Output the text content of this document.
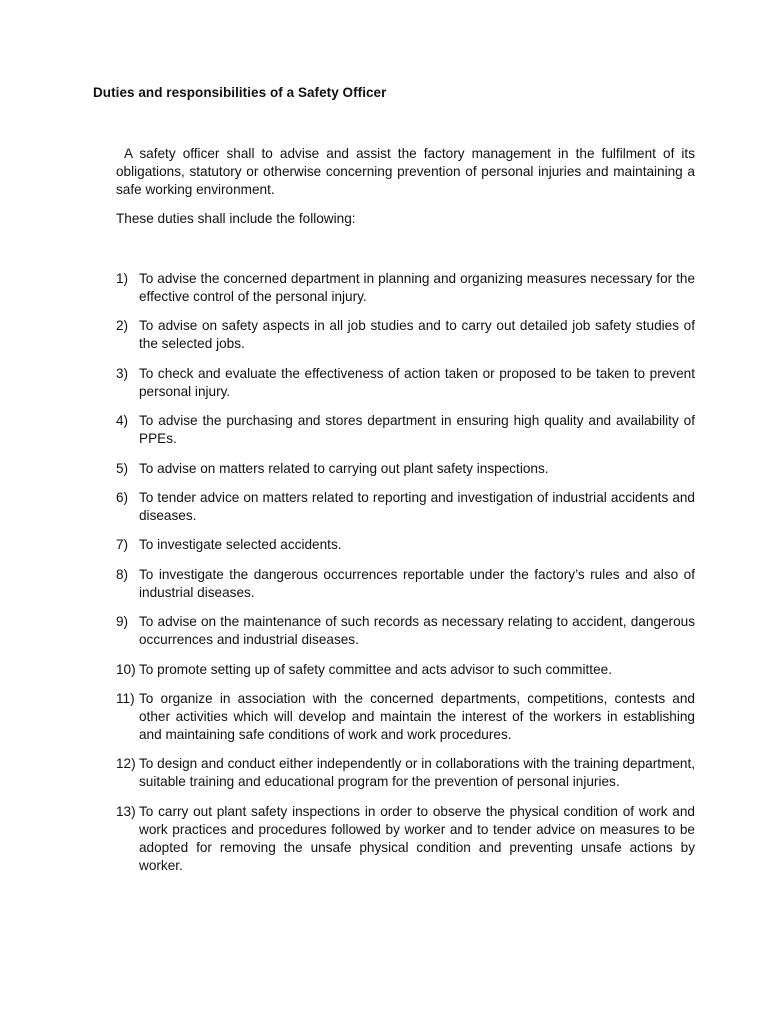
Duties and responsibilities of a Safety Officer

A safety officer shall to advise and assist the factory management in the fulfilment of its obligations, statutory or otherwise concerning prevention of personal injuries and maintaining a safe working environment.

These duties shall include the following:

1) To advise the concerned department in planning and organizing measures necessary for the effective control of the personal injury.
2) To advise on safety aspects in all job studies and to carry out detailed job safety studies of the selected jobs.
3) To check and evaluate the effectiveness of action taken or proposed to be taken to prevent personal injury.
4) To advise the purchasing and stores department in ensuring high quality and availability of PPEs.
5) To advise on matters related to carrying out plant safety inspections.
6) To tender advice on matters related to reporting and investigation of industrial accidents and diseases.
7) To investigate selected accidents.
8) To investigate the dangerous occurrences reportable under the factory’s rules and also of industrial diseases.
9) To advise on the maintenance of such records as necessary relating to accident, dangerous occurrences and industrial diseases.
10) To promote setting up of safety committee and acts advisor to such committee.
11) To organize in association with the concerned departments, competitions, contests and other activities which will develop and maintain the interest of the workers in establishing and maintaining safe conditions of work and work procedures.
12) To design and conduct either independently or in collaborations with the training department, suitable training and educational program for the prevention of personal injuries.
13) To carry out plant safety inspections in order to observe the physical condition of work and work practices and procedures followed by worker and to tender advice on measures to be adopted for removing the unsafe physical condition and preventing unsafe actions by worker.
